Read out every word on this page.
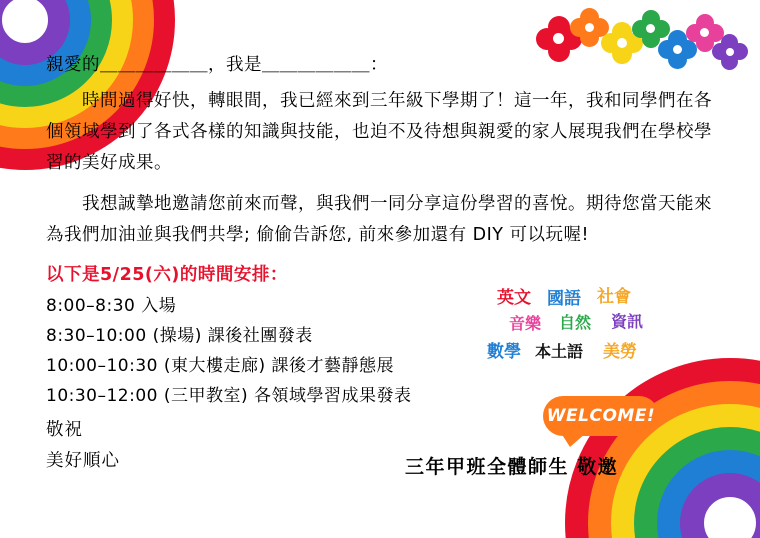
親愛的＿＿＿＿＿＿，我是＿＿＿＿＿＿：
時間過得好快，轉眼間，我已經來到三年級下學期了！這一年，我和同學們在各個領域學到了各式各樣的知識與技能，也迫不及待想與親愛的家人展現我們在學校學習的美好成果。
我想誠摯地邀請您前來而聲，與我們一同分享這份學習的喜悅。期待您當天能來為我們加油並與我們共學; 偷偷告訴您, 前來參加還有 DIY 可以玩喔!
以下是5/25(六)的時間安排：
8:00–8:30 入場
8:30–10:00 (操場) 課後社團發表
10:00–10:30 (東大樓走廊) 課後才藝靜態展
10:30–12:00 (三甲教室) 各領域學習成果發表
敬祝
美好順心	三年甲班全體師生 敬邀
英文 國語 社會
音樂 自然 資訊
數學 本土語 美勞
WELCOME!
